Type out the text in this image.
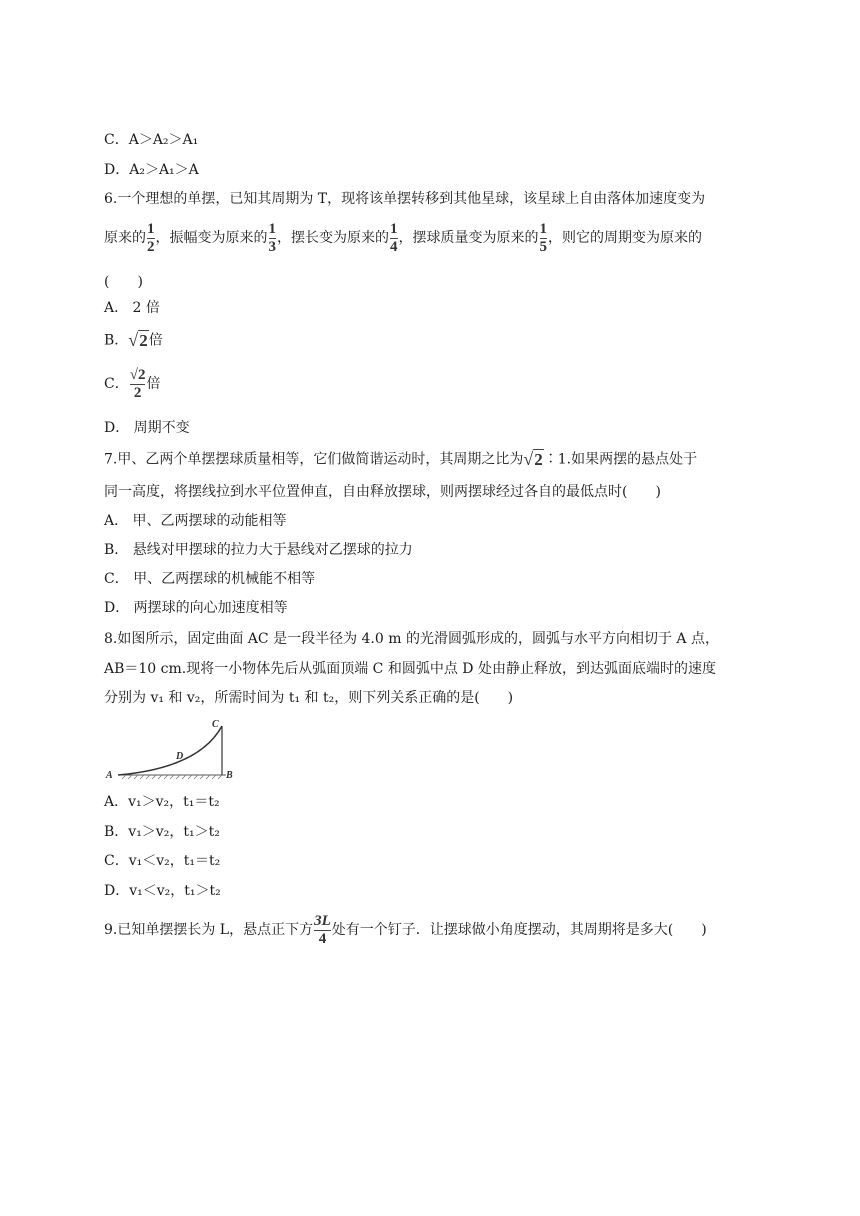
C．A＞A₂＞A₁
D．A₂＞A₁＞A
6.一个理想的单摆，已知其周期为 T，现将该单摆转移到其他星球，该星球上自由落体加速度变为
原来的 $\frac{1}{2}$ ，振幅变为原来的 $\frac{1}{3}$ ，摆长变为原来的 $\frac{1}{4}$ ，摆球质量变为原来的 $\frac{1}{5}$ ，则它的周期变为原来的
(　　)
A． 2 倍
B．√2倍
C． $\frac{√2}{2}$ 倍
D． 周期不变
7.甲、乙两个单摆摆球质量相等，它们做简谐运动时，其周期之比为√2∶1.如果两摆的悬点处于
同一高度，将摆线拉到水平位置伸直，自由释放摆球，则两摆球经过各自的最低点时(　　)
A． 甲、乙两摆球的动能相等
B． 悬线对甲摆球的拉力大于悬线对乙摆球的拉力
C． 甲、乙两摆球的机械能不相等
D． 两摆球的向心加速度相等
8.如图所示，固定曲面 AC 是一段半径为 4.0 m 的光滑圆弧形成的，圆弧与水平方向相切于 A 点，
AB＝10 cm.现将一小物体先后从弧面顶端 C 和圆弧中点 D 处由静止释放，到达弧面底端时的速度
分别为 v₁ 和 v₂，所需时间为 t₁ 和 t₂，则下列关系正确的是(　　)
A	B
C
D
A．v₁＞v₂，t₁＝t₂
B．v₁＞v₂，t₁＞t₂
C．v₁＜v₂，t₁＝t₂
D．v₁＜v₂，t₁＞t₂
9.已知单摆摆长为 L，悬点正下方 $\frac{3L}{4}$ 处有一个钉子．让摆球做小角度摆动，其周期将是多大(　　)
